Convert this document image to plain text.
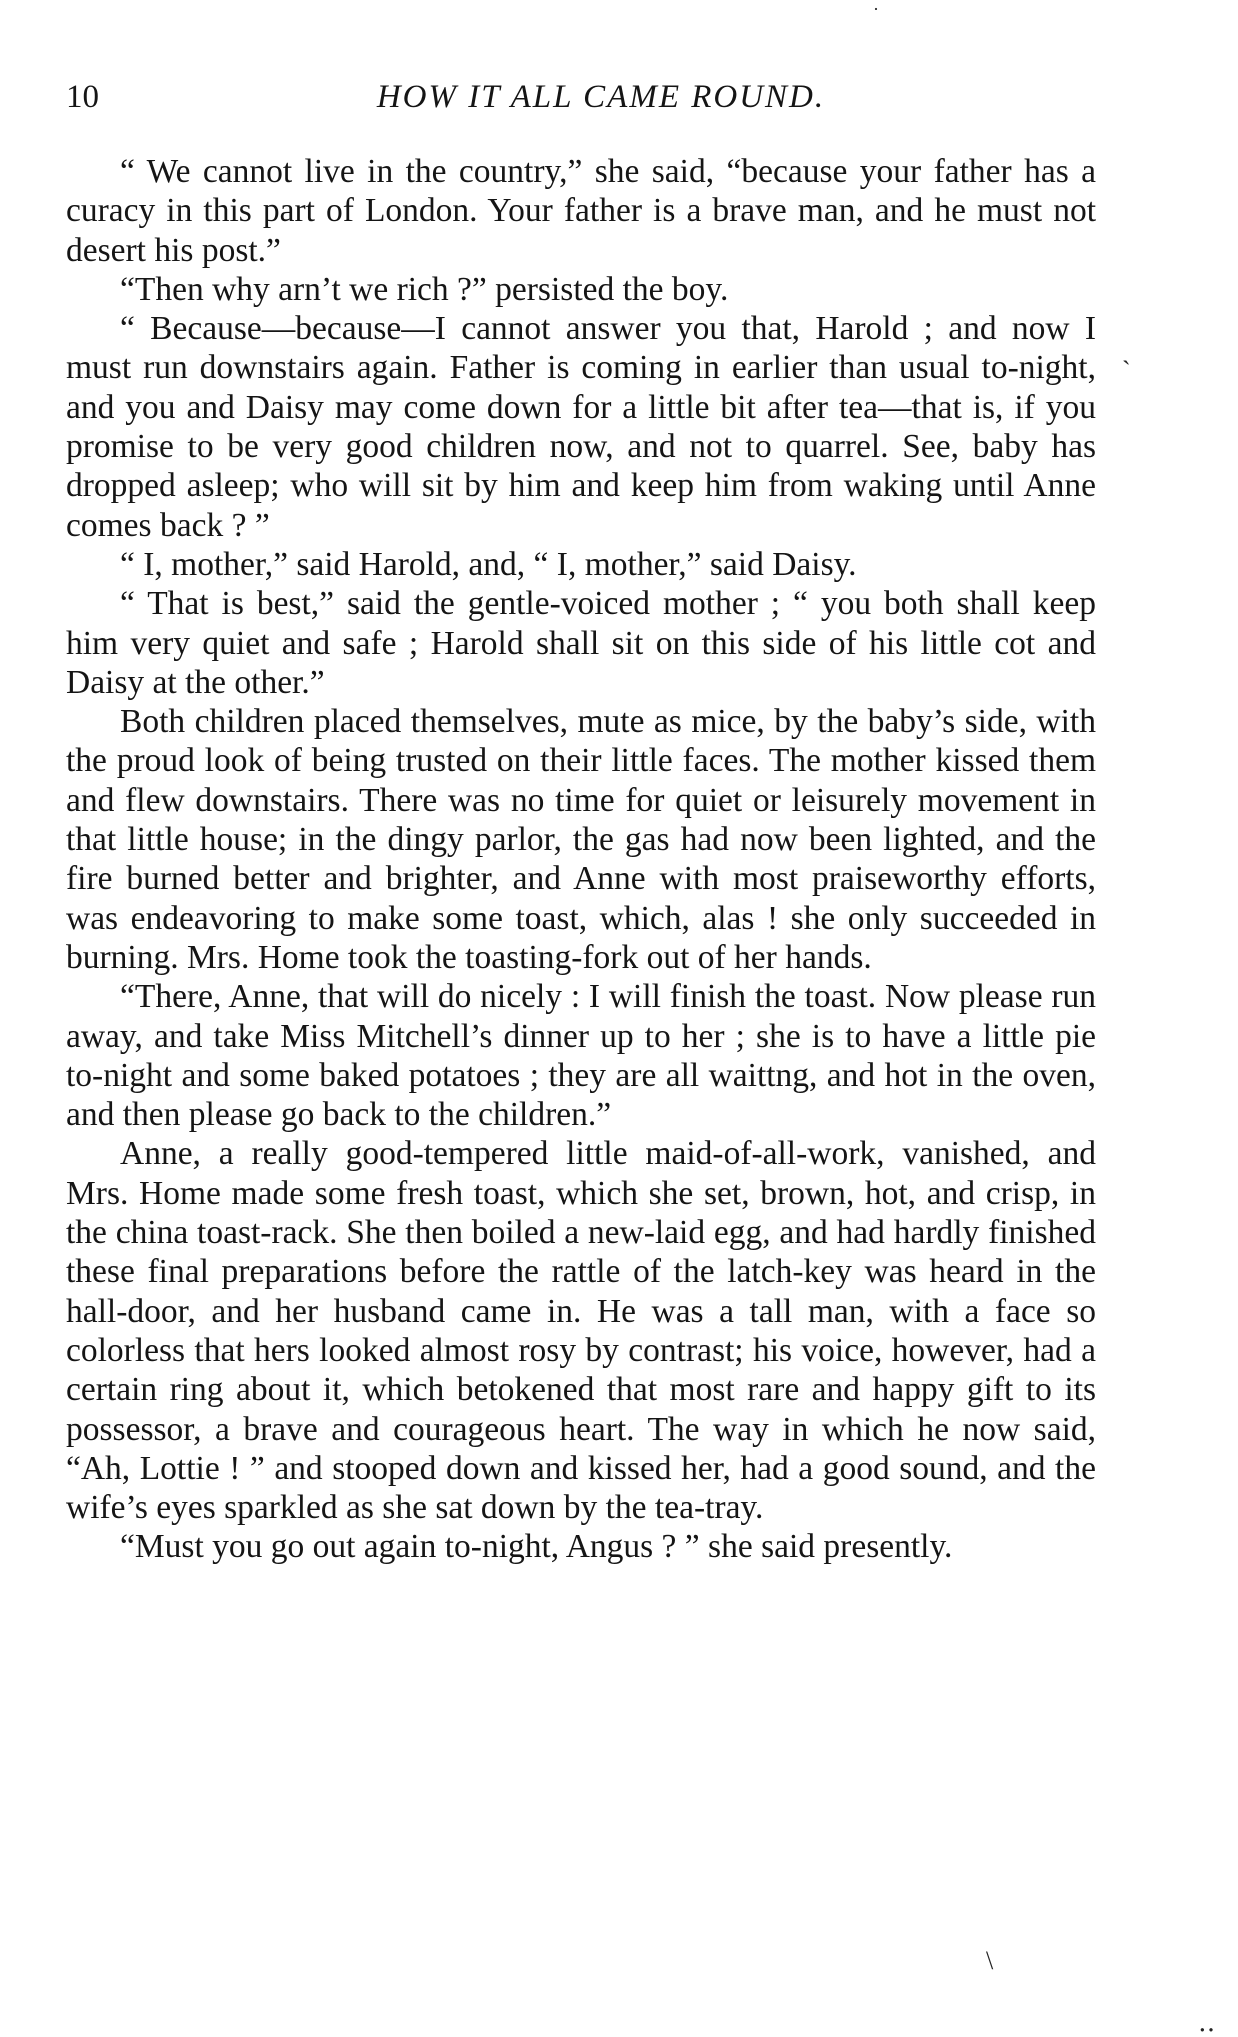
·
10	HOW IT ALL CAME ROUND.

“ We cannot live in the country,” she said, “because your father has a curacy in this part of London. Your father is a brave man, and he must not desert his post.”

“Then why arn’t we rich ?” persisted the boy.

“ Because—because—I cannot answer you that, Harold ; and now I must run downstairs again. Father is coming in earlier than usual to-night, and you and Daisy may come down for a little bit after tea—that is, if you promise to be very good children now, and not to quarrel. See, baby has dropped asleep; who will sit by him and keep him from waking until Anne comes back ? ”

“ I, mother,” said Harold, and, “ I, mother,” said Daisy.

“ That is best,” said the gentle-voiced mother ; “ you both shall keep him very quiet and safe ; Harold shall sit on this side of his little cot and Daisy at the other.”

Both children placed themselves, mute as mice, by the baby’s side, with the proud look of being trusted on their little faces. The mother kissed them and flew downstairs. There was no time for quiet or leisurely movement in that little house; in the dingy parlor, the gas had now been lighted, and the fire burned better and brighter, and Anne with most praiseworthy efforts, was endeavoring to make some toast, which, alas ! she only succeeded in burning. Mrs. Home took the toasting-fork out of her hands.

“There, Anne, that will do nicely : I will finish the toast. Now please run away, and take Miss Mitchell’s dinner up to her ; she is to have a little pie to-night and some baked potatoes ; they are all waittng, and hot in the oven, and then please go back to the children.”

Anne, a really good-tempered little maid-of-all-work, vanished, and Mrs. Home made some fresh toast, which she set, brown, hot, and crisp, in the china toast-rack. She then boiled a new-laid egg, and had hardly finished these final preparations before the rattle of the latch-key was heard in the hall-door, and her husband came in. He was a tall man, with a face so colorless that hers looked almost rosy by contrast; his voice, however, had a certain ring about it, which betokened that most rare and happy gift to its possessor, a brave and courageous heart. The way in which he now said, “Ah, Lottie ! ” and stooped down and kissed her, had a good sound, and the wife’s eyes sparkled as she sat down by the tea-tray.

“Must you go out again to-night, Angus ? ” she said presently.

`
\
‥
